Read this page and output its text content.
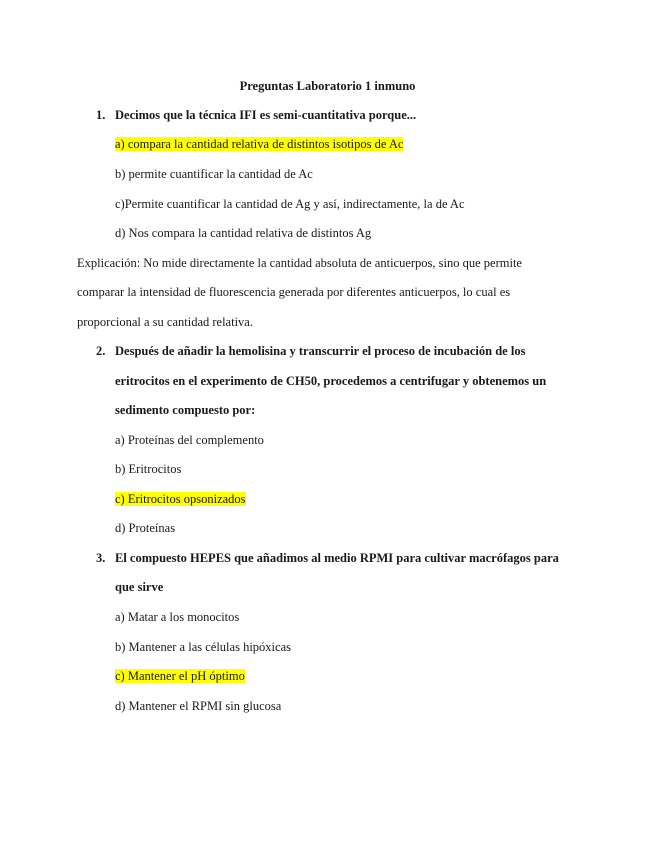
Preguntas Laboratorio 1 inmuno
1. Decimos que la técnica IFI es semi-cuantitativa porque...
a) compara la cantidad relativa de distintos isotipos de Ac
b) permite cuantificar la cantidad de Ac
c)Permite cuantificar la cantidad de Ag y así, indirectamente, la de Ac
d) Nos compara la cantidad relativa de distintos Ag
Explicación: No mide directamente la cantidad absoluta de anticuerpos, sino que permite
comparar la intensidad de fluorescencia generada por diferentes anticuerpos, lo cual es
proporcional a su cantidad relativa.
2. Después de añadir la hemolisina y transcurrir el proceso de incubación de los
eritrocitos en el experimento de CH50, procedemos a centrifugar y obtenemos un
sedimento compuesto por:
a) Proteínas del complemento
b) Eritrocitos
c) Eritrocitos opsonizados
d) Proteínas
3. El compuesto HEPES que añadimos al medio RPMI para cultivar macrófagos para
que sirve
a) Matar a los monocitos
b) Mantener a las células hipóxicas
c) Mantener el pH óptimo
d) Mantener el RPMI sin glucosa
